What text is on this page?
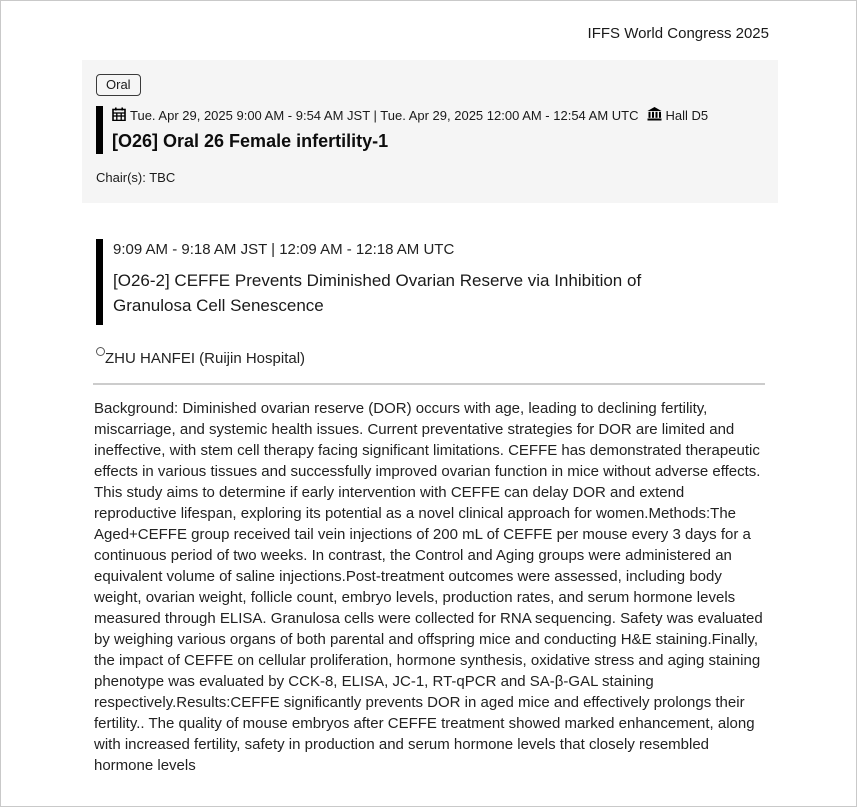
IFFS World Congress 2025
Oral
Tue. Apr 29, 2025 9:00 AM - 9:54 AM JST | Tue. Apr 29, 2025 12:00 AM - 12:54 AM UTC Hall D5
[O26] Oral 26 Female infertility-1
Chair(s): TBC
9:09 AM - 9:18 AM JST | 12:09 AM - 12:18 AM UTC
[O26-2] CEFFE Prevents Diminished Ovarian Reserve via Inhibition of Granulosa Cell Senescence
ZHU HANFEI (Ruijin Hospital)
Background: Diminished ovarian reserve (DOR) occurs with age, leading to declining fertility, miscarriage, and systemic health issues. Current preventative strategies for DOR are limited and ineffective, with stem cell therapy facing significant limitations. CEFFE has demonstrated therapeutic effects in various tissues and successfully improved ovarian function in mice without adverse effects. This study aims to determine if early intervention with CEFFE can delay DOR and extend reproductive lifespan, exploring its potential as a novel clinical approach for women.Methods:The Aged+CEFFE group received tail vein injections of 200 mL of CEFFE per mouse every 3 days for a continuous period of two weeks. In contrast, the Control and Aging groups were administered an equivalent volume of saline injections.Post-treatment outcomes were assessed, including body weight, ovarian weight, follicle count, embryo levels, production rates, and serum hormone levels measured through ELISA. Granulosa cells were collected for RNA sequencing. Safety was evaluated by weighing various organs of both parental and offspring mice and conducting H&E staining.Finally, the impact of CEFFE on cellular proliferation, hormone synthesis, oxidative stress and aging staining phenotype was evaluated by CCK-8, ELISA, JC-1, RT-qPCR and SA-β-GAL staining respectively.Results:CEFFE significantly prevents DOR in aged mice and effectively prolongs their fertility.. The quality of mouse embryos after CEFFE treatment showed marked enhancement, along with increased fertility, safety in production and serum hormone levels that closely resembled hormone levels
